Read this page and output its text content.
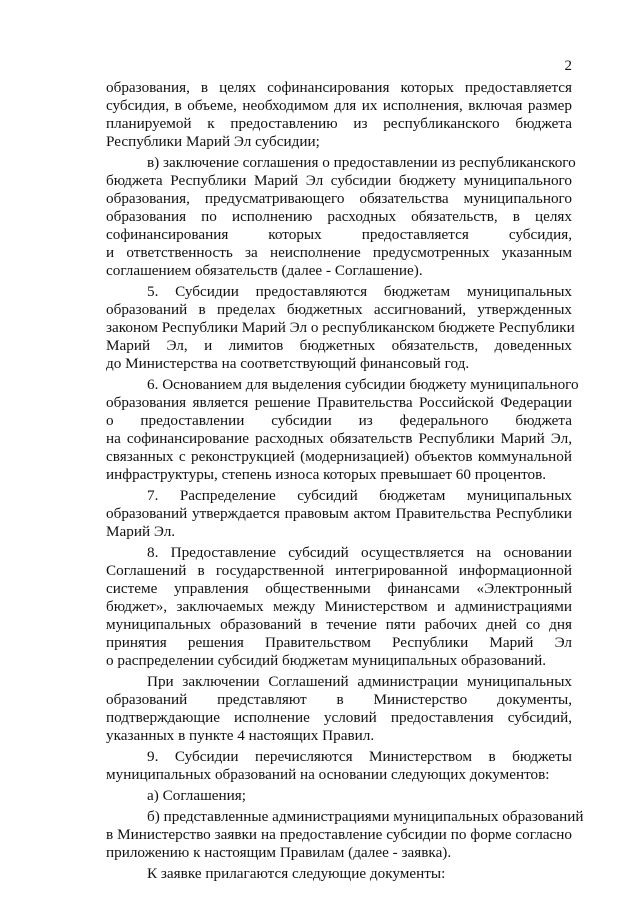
2
образования, в целях софинансирования которых предоставляется
субсидия, в объеме, необходимом для их исполнения, включая размер
планируемой к предоставлению из республиканского бюджета
Республики Марий Эл субсидии;
в) заключение соглашения о предоставлении из республиканского
бюджета Республики Марий Эл субсидии бюджету муниципального
образования, предусматривающего обязательства муниципального
образования по исполнению расходных обязательств, в целях
софинансирования которых предоставляется субсидия,
и ответственность за неисполнение предусмотренных указанным
соглашением обязательств (далее - Соглашение).
5. Субсидии предоставляются бюджетам муниципальных
образований в пределах бюджетных ассигнований, утвержденных
законом Республики Марий Эл о республиканском бюджете Республики
Марий Эл, и лимитов бюджетных обязательств, доведенных
до Министерства на соответствующий финансовый год.
6. Основанием для выделения субсидии бюджету муниципального
образования является решение Правительства Российской Федерации
о предоставлении субсидии из федерального бюджета
на софинансирование расходных обязательств Республики Марий Эл,
связанных с реконструкцией (модернизацией) объектов коммунальной
инфраструктуры, степень износа которых превышает 60 процентов.
7. Распределение субсидий бюджетам муниципальных
образований утверждается правовым актом Правительства Республики
Марий Эл.
8. Предоставление субсидий осуществляется на основании
Соглашений в государственной интегрированной информационной
системе управления общественными финансами «Электронный
бюджет», заключаемых между Министерством и администрациями
муниципальных образований в течение пяти рабочих дней со дня
принятия решения Правительством Республики Марий Эл
о распределении субсидий бюджетам муниципальных образований.
При заключении Соглашений администрации муниципальных
образований представляют в Министерство документы,
подтверждающие исполнение условий предоставления субсидий,
указанных в пункте 4 настоящих Правил.
9. Субсидии перечисляются Министерством в бюджеты
муниципальных образований на основании следующих документов:
а) Соглашения;
б) представленные администрациями муниципальных образований
в Министерство заявки на предоставление субсидии по форме согласно
приложению к настоящим Правилам (далее - заявка).
К заявке прилагаются следующие документы:
